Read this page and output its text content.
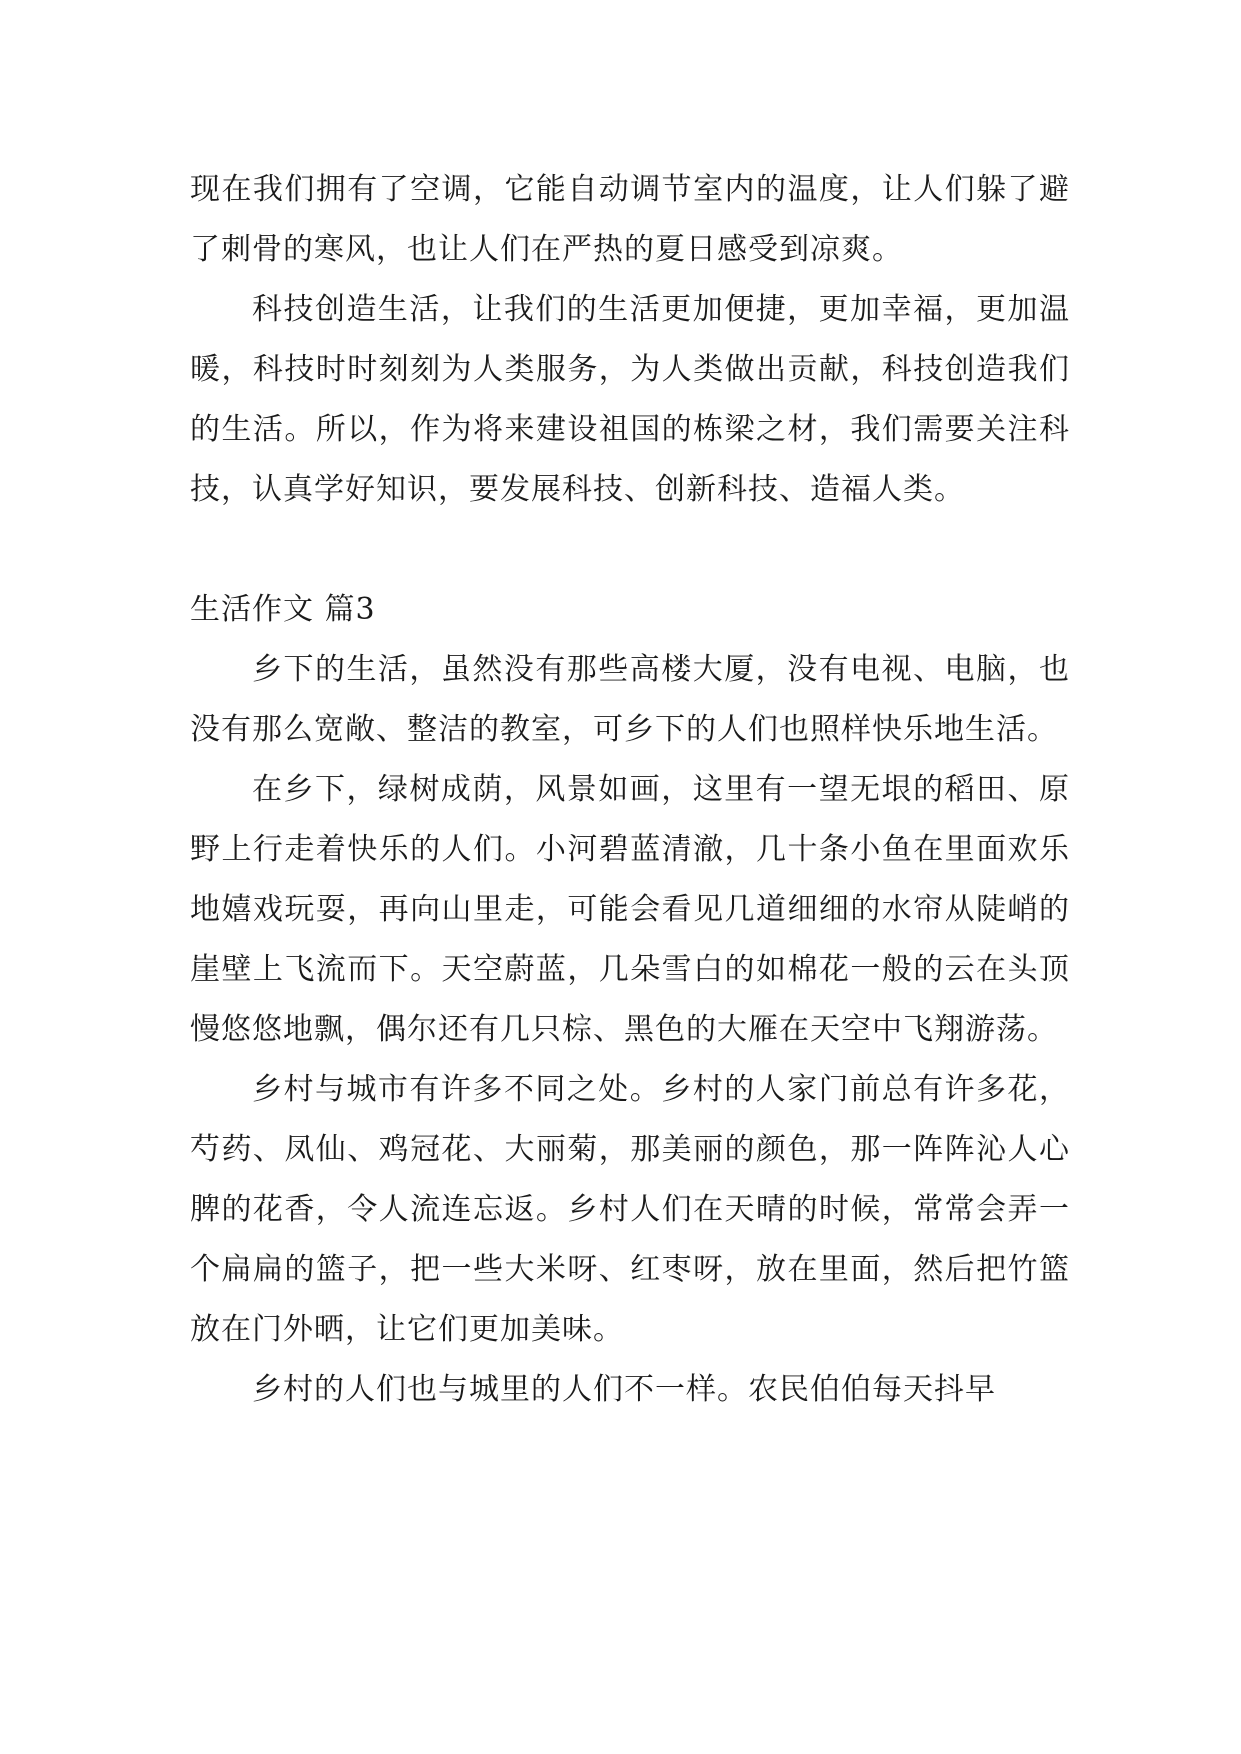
现在我们拥有了空调，它能自动调节室内的温度，让人们躲了避了刺骨的寒风，也让人们在严热的夏日感受到凉爽。

科技创造生活，让我们的生活更加便捷，更加幸福，更加温暖，科技时时刻刻为人类服务，为人类做出贡献，科技创造我们的生活。所以，作为将来建设祖国的栋梁之材，我们需要关注科技，认真学好知识，要发展科技、创新科技、造福人类。

生活作文 篇3

乡下的生活，虽然没有那些高楼大厦，没有电视、电脑，也没有那么宽敞、整洁的教室，可乡下的人们也照样快乐地生活。

在乡下，绿树成荫，风景如画，这里有一望无垠的稻田、原野上行走着快乐的人们。小河碧蓝清澈，几十条小鱼在里面欢乐地嬉戏玩耍，再向山里走，可能会看见几道细细的水帘从陡峭的崖壁上飞流而下。天空蔚蓝，几朵雪白的如棉花一般的云在头顶慢悠悠地飘，偶尔还有几只棕、黑色的大雁在天空中飞翔游荡。

乡村与城市有许多不同之处。乡村的人家门前总有许多花，芍药、凤仙、鸡冠花、大丽菊，那美丽的颜色，那一阵阵沁人心脾的花香，令人流连忘返。乡村人们在天晴的时候，常常会弄一个扁扁的篮子，把一些大米呀、红枣呀，放在里面，然后把竹篮放在门外晒，让它们更加美味。

乡村的人们也与城里的人们不一样。农民伯伯每天抖早
